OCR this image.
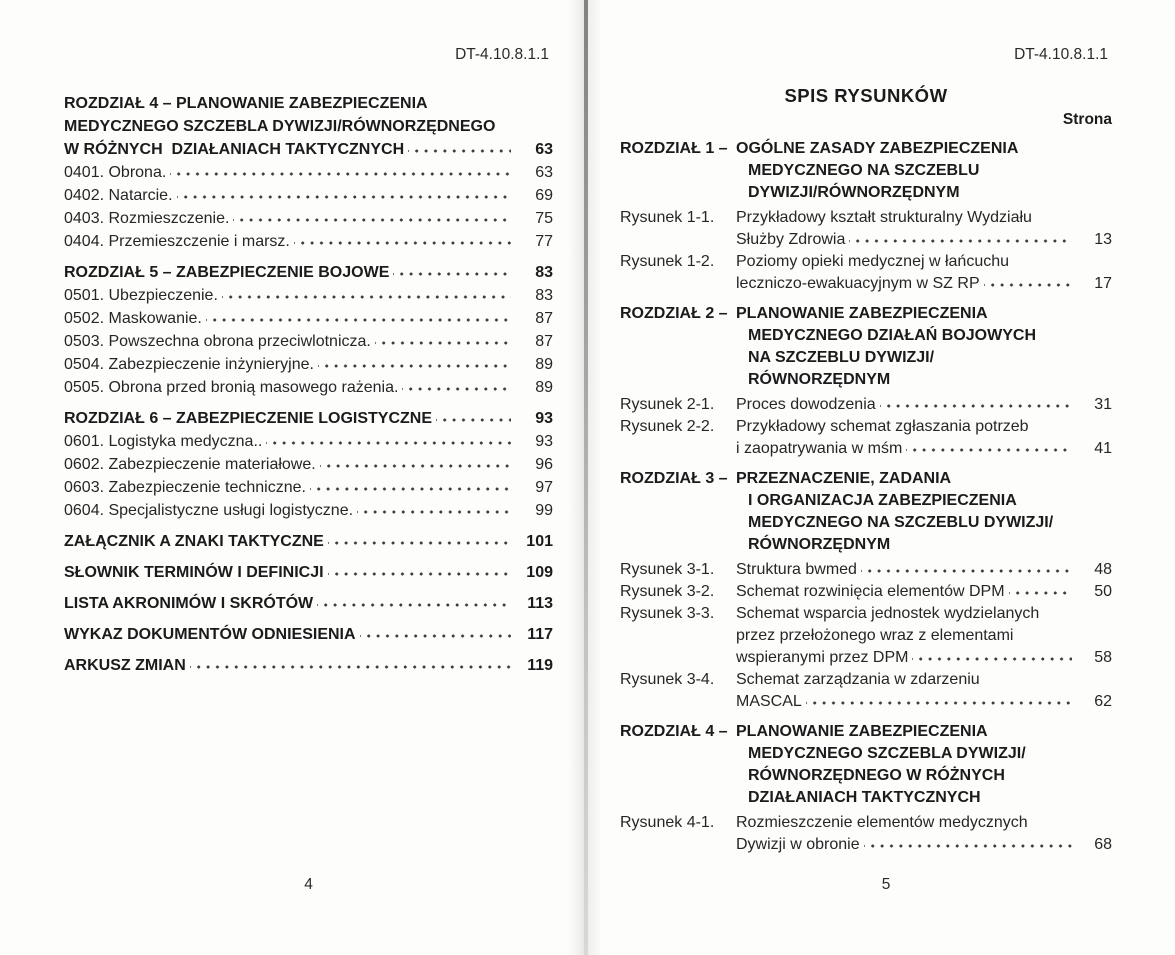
DT-4.10.8.1.1
ROZDZIAŁ 4 – PLANOWANIE ZABEZPIECZENIA
MEDYCZNEGO SZCZEBLA DYWIZJI/RÓWNORZĘDNEGO
W RÓŻNYCH  DZIAŁANIACH TAKTYCZNYCH	63
0401. Obrona.	63
0402. Natarcie.	69
0403. Rozmieszczenie.	75
0404. Przemieszczenie i marsz.	77
ROZDZIAŁ 5 – ZABEZPIECZENIE BOJOWE	83
0501. Ubezpieczenie.	83
0502. Maskowanie.	87
0503. Powszechna obrona przeciwlotnicza.	87
0504. Zabezpieczenie inżynieryjne.	89
0505. Obrona przed bronią masowego rażenia.	89
ROZDZIAŁ 6 – ZABEZPIECZENIE LOGISTYCZNE	93
0601. Logistyka medyczna..	93
0602. Zabezpieczenie materiałowe.	96
0603. Zabezpieczenie techniczne.	97
0604. Specjalistyczne usługi logistyczne.	99
ZAŁĄCZNIK A ZNAKI TAKTYCZNE	101
SŁOWNIK TERMINÓW I DEFINICJI	109
LISTA AKRONIMÓW I SKRÓTÓW	113
WYKAZ DOKUMENTÓW ODNIESIENIA	117
ARKUSZ ZMIAN	119
4
DT-4.10.8.1.1
SPIS RYSUNKÓW
Strona
ROZDZIAŁ 1 – OGÓLNE ZASADY ZABEZPIECZENIA
MEDYCZNEGO NA SZCZEBLU
DYWIZJI/RÓWNORZĘDNYM
Rysunek 1-1.	Przykładowy kształt strukturalny Wydziału
Służby Zdrowia	13
Rysunek 1-2.	Poziomy opieki medycznej w łańcuchu
leczniczo-ewakuacyjnym w SZ RP	17
ROZDZIAŁ 2 – PLANOWANIE ZABEZPIECZENIA
MEDYCZNEGO DZIAŁAŃ BOJOWYCH
NA SZCZEBLU DYWIZJI/
RÓWNORZĘDNYM
Rysunek 2-1.	Proces dowodzenia	31
Rysunek 2-2.	Przykładowy schemat zgłaszania potrzeb
i zaopatrywania w mśm	41
ROZDZIAŁ 3 – PRZEZNACZENIE, ZADANIA
I ORGANIZACJA ZABEZPIECZENIA
MEDYCZNEGO NA SZCZEBLU DYWIZJI/
RÓWNORZĘDNYM
Rysunek 3-1.	Struktura bwmed	48
Rysunek 3-2.	Schemat rozwinięcia elementów DPM	50
Rysunek 3-3.	Schemat wsparcia jednostek wydzielanych
przez przełożonego wraz z elementami
wspieranymi przez DPM	58
Rysunek 3-4.	Schemat zarządzania w zdarzeniu
MASCAL	62
ROZDZIAŁ 4 – PLANOWANIE ZABEZPIECZENIA
MEDYCZNEGO SZCZEBLA DYWIZJI/
RÓWNORZĘDNEGO W RÓŻNYCH
DZIAŁANIACH TAKTYCZNYCH
Rysunek 4-1.	Rozmieszczenie elementów medycznych
Dywizji w obronie	68
5
